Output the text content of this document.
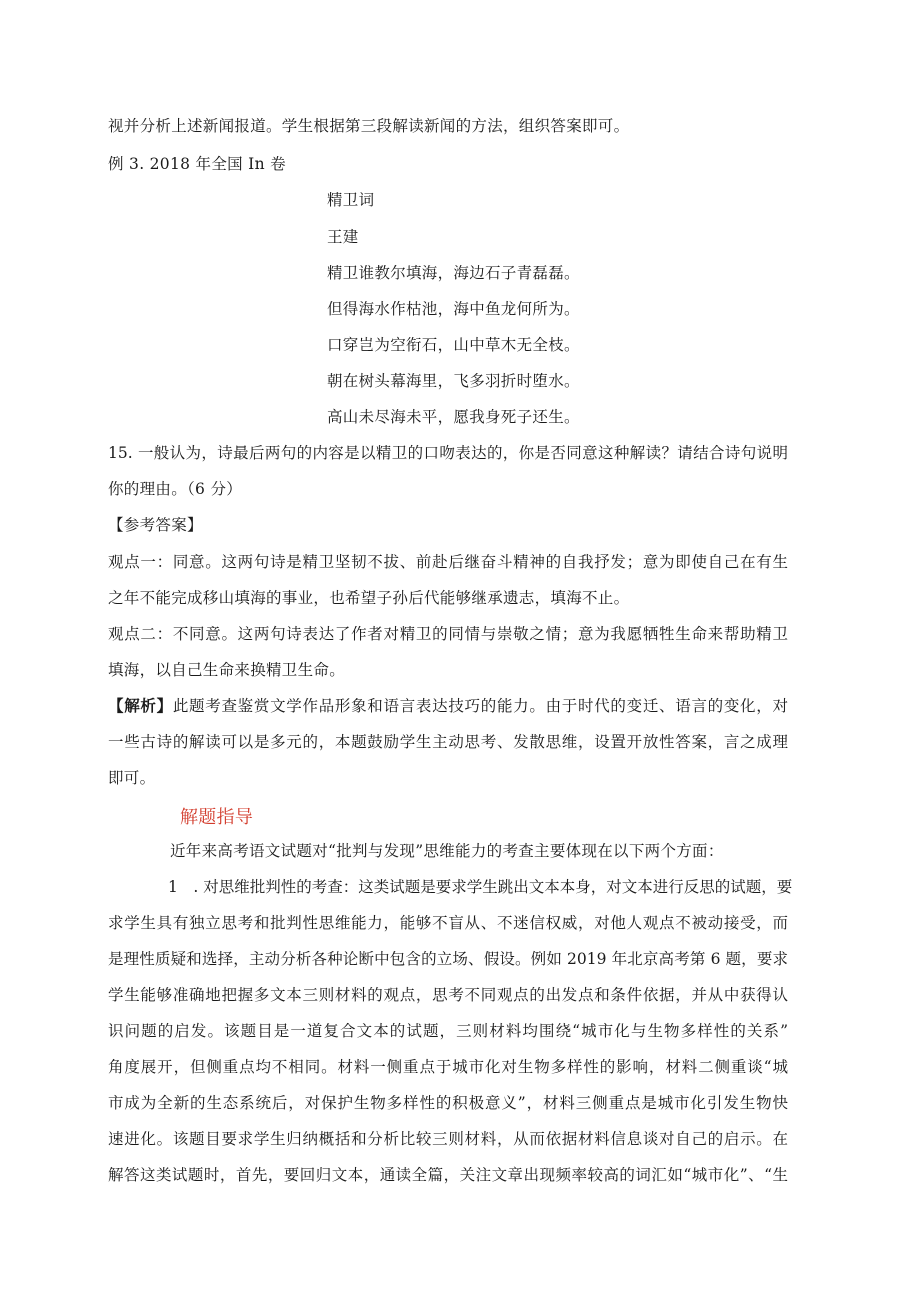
视并分析上述新闻报道。学生根据第三段解读新闻的方法，组织答案即可。
例 3. 2018 年全国 In 卷
精卫词
王建
精卫谁教尔填海，海边石子青磊磊。
但得海水作枯池，海中鱼龙何所为。
口穿岂为空衔石，山中草木无全枝。
朝在树头幕海里，飞多羽折时堕水。
高山未尽海未平，愿我身死子还生。
15. 一般认为，诗最后两句的内容是以精卫的口吻表达的，你是否同意这种解读？请结合诗句说明
你的理由。（6 分）
【参考答案】
观点一：同意。这两句诗是精卫坚韧不拔、前赴后继奋斗精神的自我抒发；意为即使自己在有生
之年不能完成移山填海的事业，也希望子孙后代能够继承遗志，填海不止。
观点二：不同意。这两句诗表达了作者对精卫的同情与崇敬之情；意为我愿牺牲生命来帮助精卫
填海，以自己生命来换精卫生命。
【解析】此题考查鉴赏文学作品形象和语言表达技巧的能力。由于时代的变迁、语言的变化，对
一些古诗的解读可以是多元的，本题鼓励学生主动思考、发散思维，设置开放性答案，言之成理
即可。
解题指导
近年来高考语文试题对“批判与发现”思维能力的考查主要体现在以下两个方面：
1　. 对思维批判性的考查：这类试题是要求学生跳出文本本身，对文本进行反思的试题，要
求学生具有独立思考和批判性思维能力，能够不盲从、不迷信权威，对他人观点不被动接受，而
是理性质疑和选择，主动分析各种论断中包含的立场、假设。例如 2019 年北京高考第 6 题，要求
学生能够准确地把握多文本三则材料的观点，思考不同观点的出发点和条件依据，并从中获得认
识问题的启发。该题目是一道复合文本的试题，三则材料均围绕“城市化与生物多样性的关系”
角度展开，但侧重点均不相同。材料一侧重点于城市化对生物多样性的影响，材料二侧重谈“城
市成为全新的生态系统后，对保护生物多样性的积极意义”，材料三侧重点是城市化引发生物快
速进化。该题目要求学生归纳概括和分析比较三则材料，从而依据材料信息谈对自己的启示。在
解答这类试题时，首先，要回归文本，通读全篇，关注文章出现频率较高的词汇如“城市化”、“生
